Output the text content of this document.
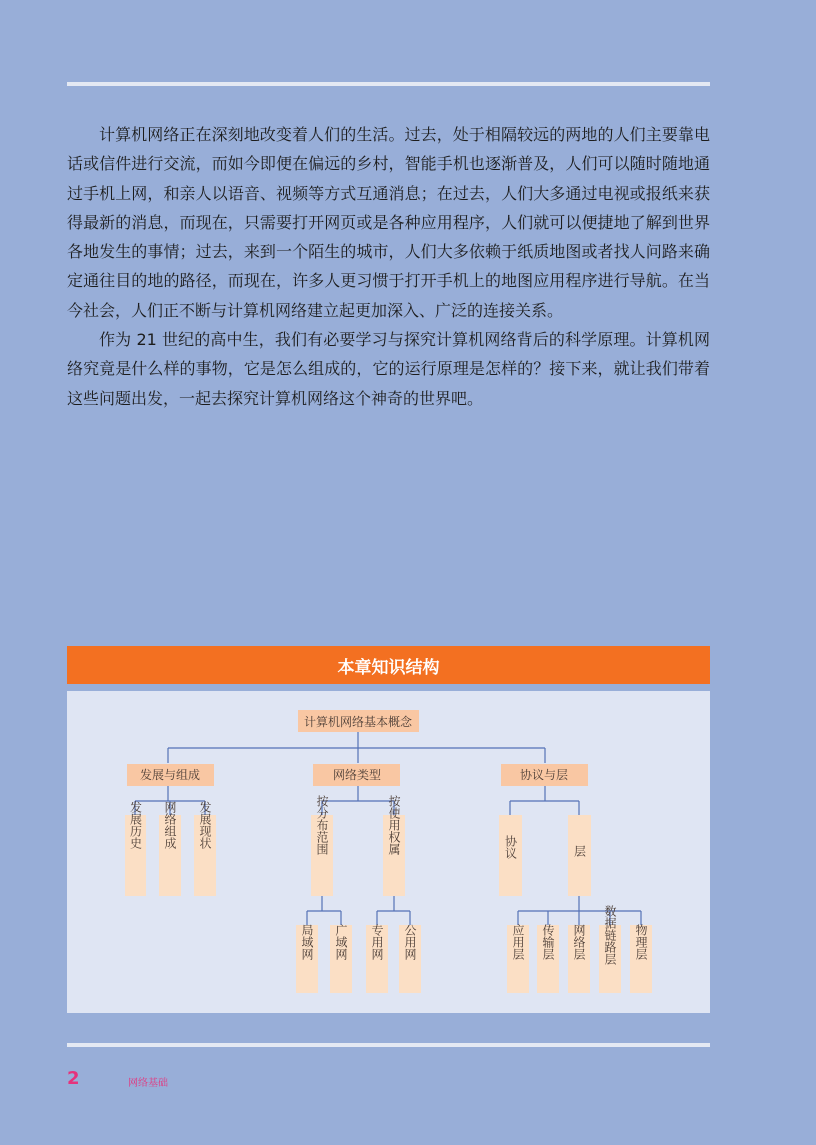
计算机网络正在深刻地改变着人们的生活。过去，处于相隔较远的两地的人们主要靠电话或信件进行交流，而如今即便在偏远的乡村，智能手机也逐渐普及，人们可以随时随地通过手机上网，和亲人以语音、视频等方式互通消息；在过去，人们大多通过电视或报纸来获得最新的消息，而现在，只需要打开网页或是各种应用程序，人们就可以便捷地了解到世界各地发生的事情；过去，来到一个陌生的城市，人们大多依赖于纸质地图或者找人问路来确定通往目的地的路径，而现在，许多人更习惯于打开手机上的地图应用程序进行导航。在当今社会，人们正不断与计算机网络建立起更加深入、广泛的连接关系。

作为 21 世纪的高中生，我们有必要学习与探究计算机网络背后的科学原理。计算机网络究竟是什么样的事物，它是怎么组成的，它的运行原理是怎样的？接下来，就让我们带着这些问题出发，一起去探究计算机网络这个神奇的世界吧。

本章知识结构
计算机网络基本概念
发展与组成	网络类型	协议与层
发展历史 网络组成 发展现状	按分布范围	按使用权属	协议	层
局域网 广域网 专用网 公用网	应用层 传输层 网络层 数据链路层 物理层
2	网络基础
